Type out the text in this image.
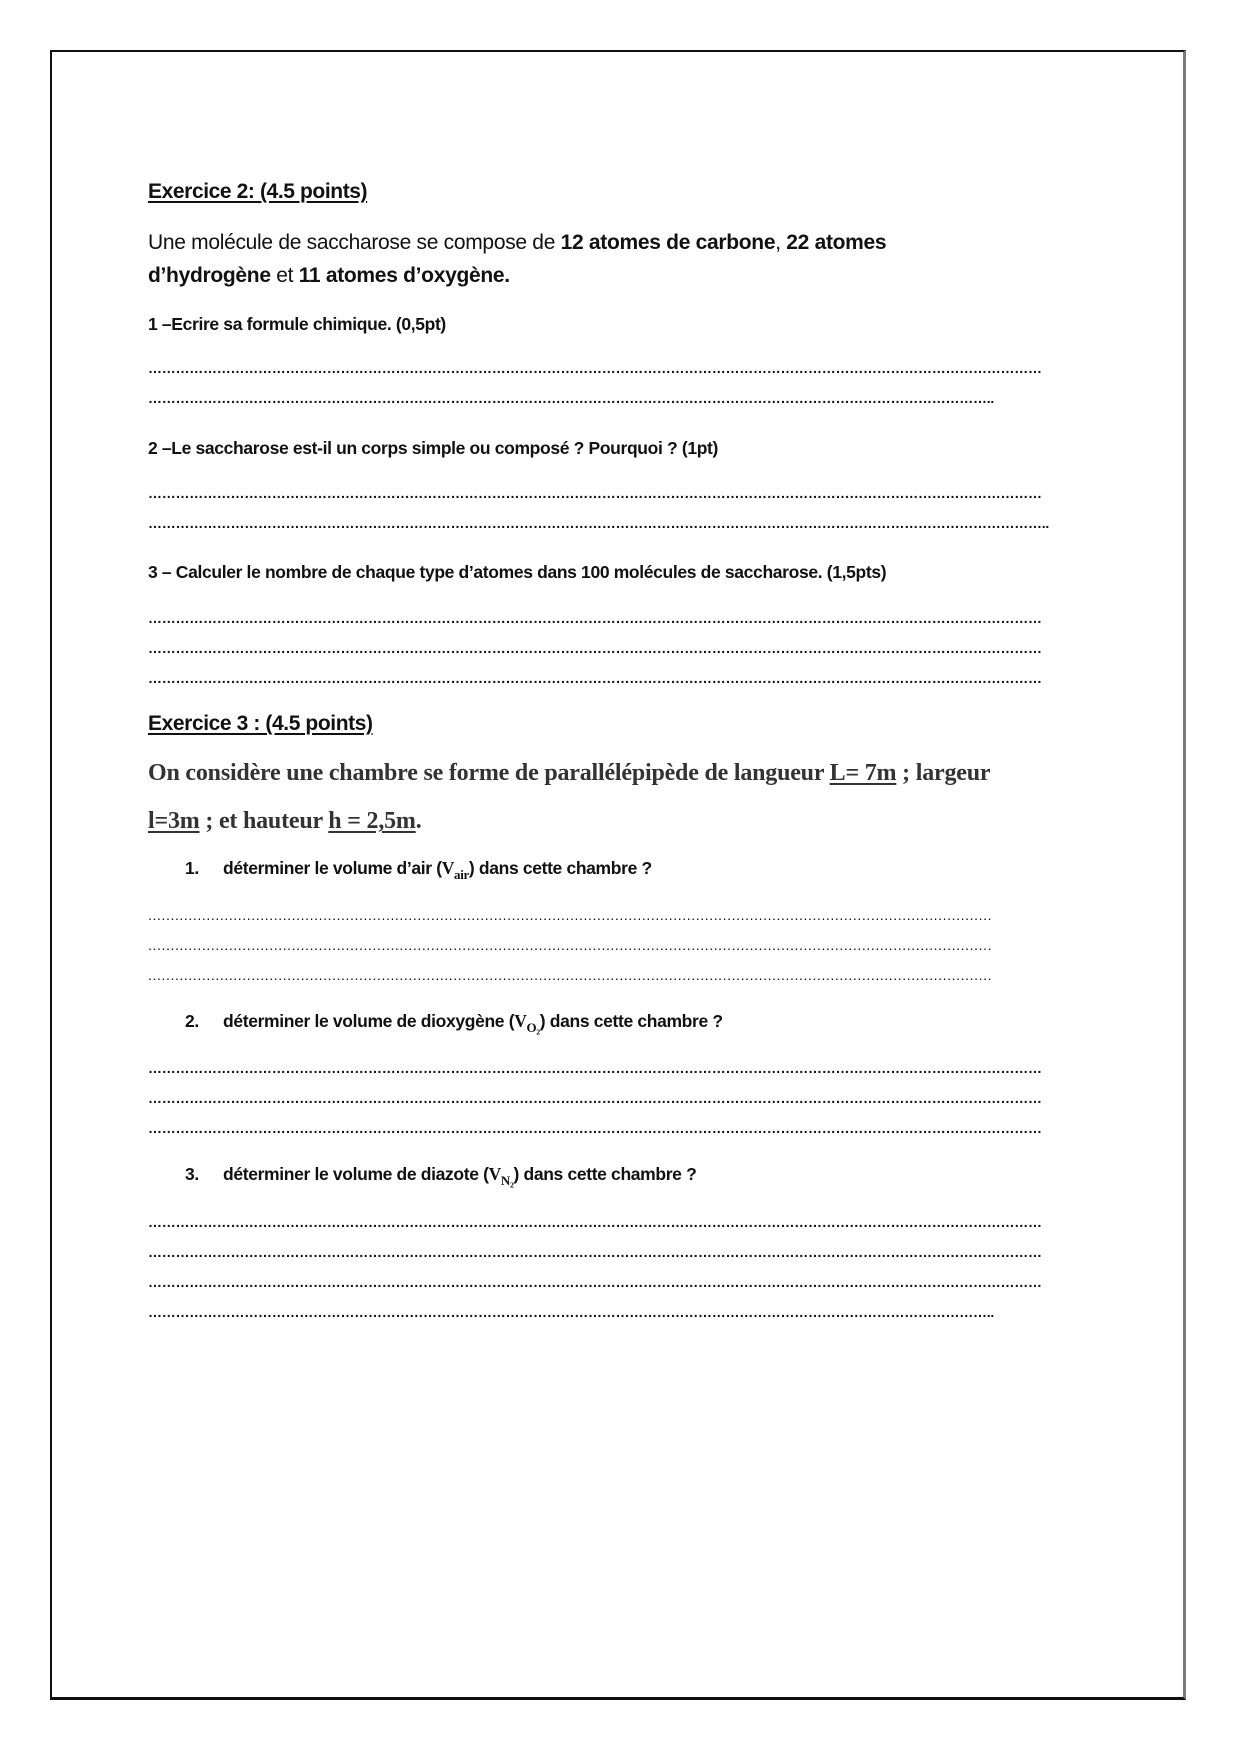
Exercice 2: (4.5 points)
Une molécule de saccharose se compose de 12 atomes de carbone, 22 atomes
d’hydrogène et 11 atomes d’oxygène.
1 –Ecrire sa formule chimique. (0,5pt)
……………………………………………………………………………………………………………………………………………………………………………
…………………………………………………………………………………………………………………………………………………………………..
2 –Le saccharose est-il un corps simple ou composé ? Pourquoi ? (1pt)
……………………………………………………………………………………………………………………………………………………………………………
……………………………………………………………………………………………………………………………………………………………………………..
3 – Calculer le nombre de chaque type d’atomes dans 100 molécules de saccharose. (1,5pts)
……………………………………………………………………………………………………………………………………………………………………………
……………………………………………………………………………………………………………………………………………………………………………
……………………………………………………………………………………………………………………………………………………………………………
Exercice 3 : (4.5 points)
On considère une chambre se forme de parallélépipède de langueur L= 7m ; largeur
l=3m ; et hauteur h = 2,5m.
1. déterminer le volume d’air $(V_{air})$ dans cette chambre ?
............................................................................................................................................................................................
............................................................................................................................................................................................
............................................................................................................................................................................................
2. déterminer le volume de dioxygène $(V_{O_2})$ dans cette chambre ?
……………………………………………………………………………………………………………………………………………………………………………
……………………………………………………………………………………………………………………………………………………………………………
……………………………………………………………………………………………………………………………………………………………………………
3. déterminer le volume de diazote $(V_{N_2})$ dans cette chambre ?
……………………………………………………………………………………………………………………………………………………………………………
……………………………………………………………………………………………………………………………………………………………………………
……………………………………………………………………………………………………………………………………………………………………………
…………………………………………………………………………………………………………………………………………………………………..
